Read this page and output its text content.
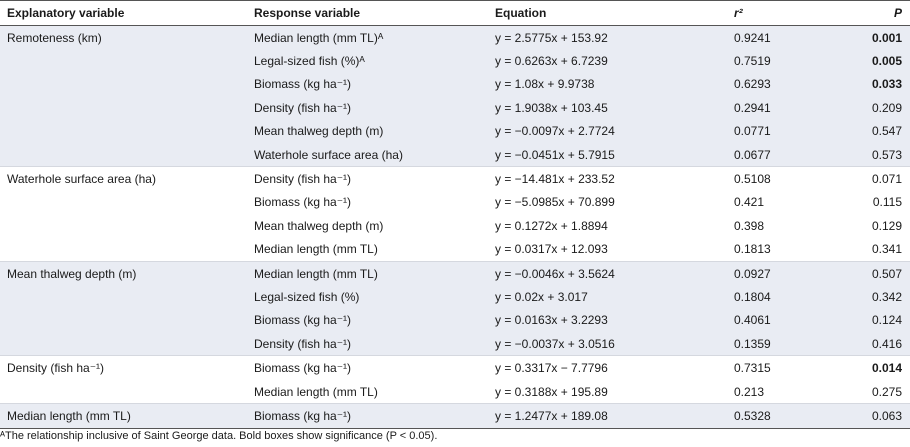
Explanatory variable	Response variable	Equation	r²	P
Remoteness (km)	Median length (mm TL)ᴬ	y = 2.5775x + 153.92	0.9241	0.001
	Legal-sized fish (%)ᴬ	y = 0.6263x + 6.7239	0.7519	0.005
	Biomass (kg ha⁻¹)	y = 1.08x + 9.9738	0.6293	0.033
	Density (fish ha⁻¹)	y = 1.9038x + 103.45	0.2941	0.209
	Mean thalweg depth (m)	y = −0.0097x + 2.7724	0.0771	0.547
	Waterhole surface area (ha)	y = −0.0451x + 5.7915	0.0677	0.573
Waterhole surface area (ha)	Density (fish ha⁻¹)	y = −14.481x + 233.52	0.5108	0.071
	Biomass (kg ha⁻¹)	y = −5.0985x + 70.899	0.421	0.115
	Mean thalweg depth (m)	y = 0.1272x + 1.8894	0.398	0.129
	Median length (mm TL)	y = 0.0317x + 12.093	0.1813	0.341
Mean thalweg depth (m)	Median length (mm TL)	y = −0.0046x + 3.5624	0.0927	0.507
	Legal-sized fish (%)	y = 0.02x + 3.017	0.1804	0.342
	Biomass (kg ha⁻¹)	y = 0.0163x + 3.2293	0.4061	0.124
	Density (fish ha⁻¹)	y = −0.0037x + 3.0516	0.1359	0.416
Density (fish ha⁻¹)	Biomass (kg ha⁻¹)	y = 0.3317x − 7.7796	0.7315	0.014
	Median length (mm TL)	y = 0.3188x + 195.89	0.213	0.275
Median length (mm TL)	Biomass (kg ha⁻¹)	y = 1.2477x + 189.08	0.5328	0.063
ᴬThe relationship inclusive of Saint George data. Bold boxes show significance (P < 0.05).
